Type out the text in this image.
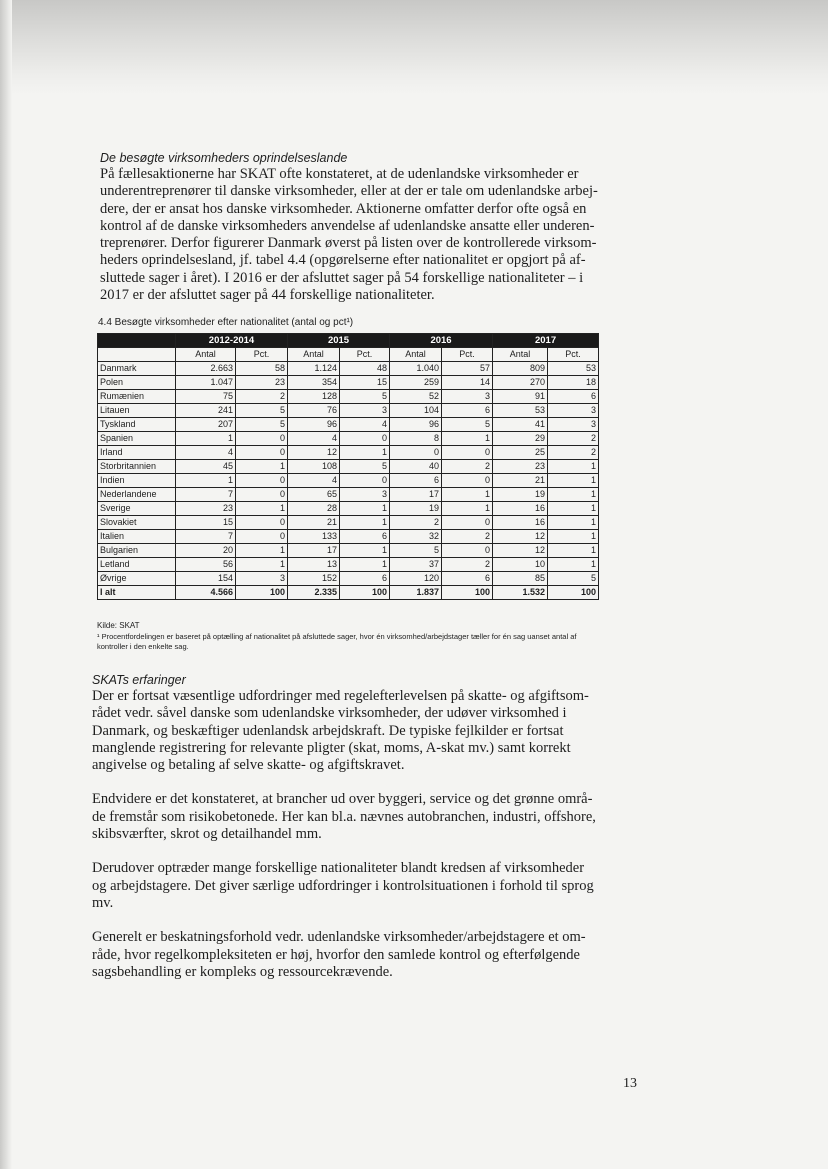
De besøgte virksomheders oprindelseslande

På fællesaktionerne har SKAT ofte konstateret, at de udenlandske virksomheder er

underentreprenører til danske virksomheder, eller at der er tale om udenlandske arbej-

dere, der er ansat hos danske virksomheder. Aktionerne omfatter derfor ofte også en

kontrol af de danske virksomheders anvendelse af udenlandske ansatte eller underen-

treprenører. Derfor figurerer Danmark øverst på listen over de kontrollerede virksom-

heders oprindelsesland, jf. tabel 4.4 (opgørelserne efter nationalitet er opgjort på af-

sluttede sager i året). I 2016 er der afsluttet sager på 54 forskellige nationaliteter – i

2017 er der afsluttet sager på 44 forskellige nationaliteter.

4.4 Besøgte virksomheder efter nationalitet (antal og pct¹)
	2012-2014		2015		2016		2017	
	Antal	Pct.	Antal	Pct.	Antal	Pct.	Antal	Pct.
Danmark	2.663	58	1.124	48	1.040	57	809	53
Polen	1.047	23	354	15	259	14	270	18
Rumænien	75	2	128	5	52	3	91	6
Litauen	241	5	76	3	104	6	53	3
Tyskland	207	5	96	4	96	5	41	3
Spanien	1	0	4	0	8	1	29	2
Irland	4	0	12	1	0	0	25	2
Storbritannien	45	1	108	5	40	2	23	1
Indien	1	0	4	0	6	0	21	1
Nederlandene	7	0	65	3	17	1	19	1
Sverige	23	1	28	1	19	1	16	1
Slovakiet	15	0	21	1	2	0	16	1
Italien	7	0	133	6	32	2	12	1
Bulgarien	20	1	17	1	5	0	12	1
Letland	56	1	13	1	37	2	10	1
Øvrige	154	3	152	6	120	6	85	5
I alt	4.566	100	2.335	100	1.837	100	1.532	100
Kilde: SKAT
¹ Procentfordelingen er baseret på optælling af nationalitet på afsluttede sager, hvor én virksomhed/arbejdstager tæller for én sag uanset antal af kontroller i den enkelte sag.
SKATs erfaringer

Der er fortsat væsentlige udfordringer med regelefterlevelsen på skatte- og afgiftsom-

rådet vedr. såvel danske som udenlandske virksomheder, der udøver virksomhed i

Danmark, og beskæftiger udenlandsk arbejdskraft. De typiske fejlkilder er fortsat

manglende registrering for relevante pligter (skat, moms, A-skat mv.) samt korrekt

angivelse og betaling af selve skatte- og afgiftskravet.

Endvidere er det konstateret, at brancher ud over byggeri, service og det grønne områ-

de fremstår som risikobetonede. Her kan bl.a. nævnes autobranchen, industri, offshore,

skibsværfter, skrot og detailhandel mm.

Derudover optræder mange forskellige nationaliteter blandt kredsen af virksomheder

og arbejdstagere. Det giver særlige udfordringer i kontrolsituationen i forhold til sprog

mv.

Generelt er beskatningsforhold vedr. udenlandske virksomheder/arbejdstagere et om-

råde, hvor regelkompleksiteten er høj, hvorfor den samlede kontrol og efterfølgende

sagsbehandling er kompleks og ressourcekrævende.

13
